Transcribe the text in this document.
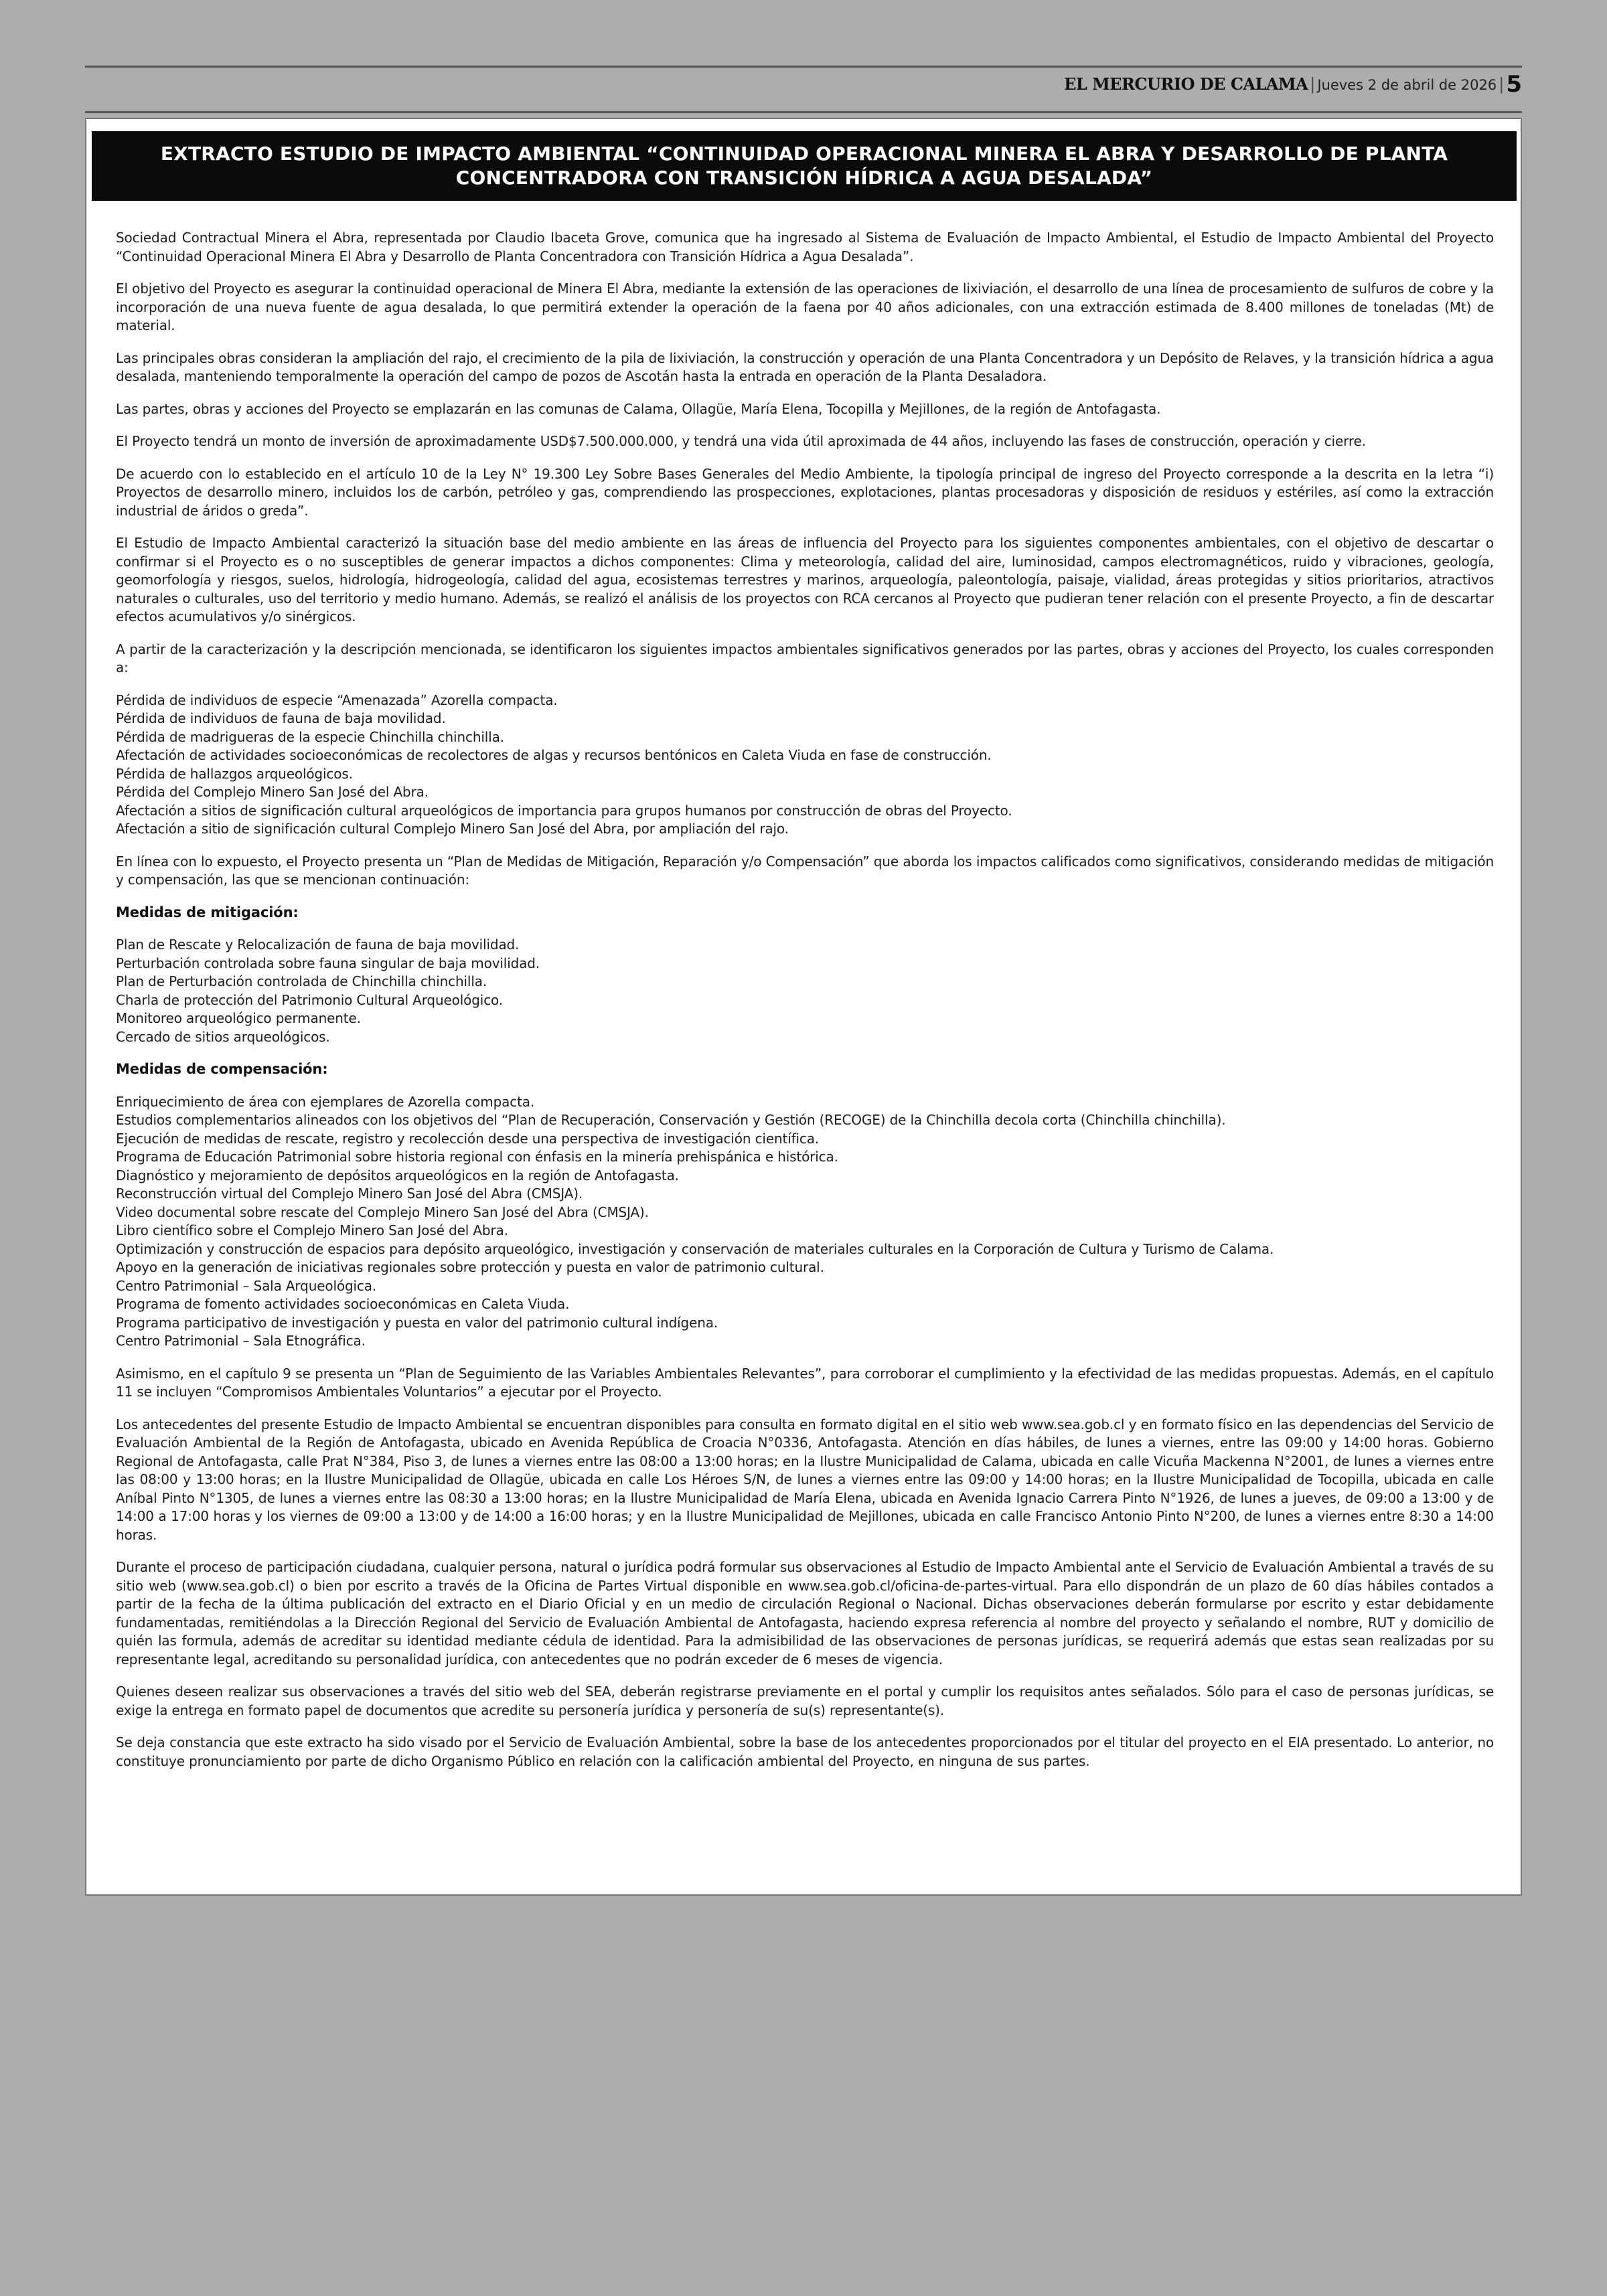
EL MERCURIO DE CALAMA | Jueves 2 de abril de 2026 |5
EXTRACTO ESTUDIO DE IMPACTO AMBIENTAL “CONTINUIDAD OPERACIONAL MINERA EL ABRA Y DESARROLLO DE PLANTA CONCENTRADORA CON TRANSICIÓN HÍDRICA A AGUA DESALADA”

Sociedad Contractual Minera el Abra, representada por Claudio Ibaceta Grove, comunica que ha ingresado al Sistema de Evaluación de Impacto Ambiental, el Estudio de Impacto Ambiental del Proyecto “Continuidad Operacional Minera El Abra y Desarrollo de Planta Concentradora con Transición Hídrica a Agua Desalada”.

El objetivo del Proyecto es asegurar la continuidad operacional de Minera El Abra, mediante la extensión de las operaciones de lixiviación, el desarrollo de una línea de procesamiento de sulfuros de cobre y la incorporación de una nueva fuente de agua desalada, lo que permitirá extender la operación de la faena por 40 años adicionales, con una extracción estimada de 8.400 millones de toneladas (Mt) de material.

Las principales obras consideran la ampliación del rajo, el crecimiento de la pila de lixiviación, la construcción y operación de una Planta Concentradora y un Depósito de Relaves, y la transición hídrica a agua desalada, manteniendo temporalmente la operación del campo de pozos de Ascotán hasta la entrada en operación de la Planta Desaladora.

Las partes, obras y acciones del Proyecto se emplazarán en las comunas de Calama, Ollagüe, María Elena, Tocopilla y Mejillones, de la región de Antofagasta.

El Proyecto tendrá un monto de inversión de aproximadamente USD$7.500.000.000, y tendrá una vida útil aproximada de 44 años, incluyendo las fases de construcción, operación y cierre.

De acuerdo con lo establecido en el artículo 10 de la Ley N° 19.300 Ley Sobre Bases Generales del Medio Ambiente, la tipología principal de ingreso del Proyecto corresponde a la descrita en la letra “i) Proyectos de desarrollo minero, incluidos los de carbón, petróleo y gas, comprendiendo las prospecciones, explotaciones, plantas procesadoras y disposición de residuos y estériles, así como la extracción industrial de áridos o greda”.

El Estudio de Impacto Ambiental caracterizó la situación base del medio ambiente en las áreas de influencia del Proyecto para los siguientes componentes ambientales, con el objetivo de descartar o confirmar si el Proyecto es o no susceptibles de generar impactos a dichos componentes: Clima y meteorología, calidad del aire, luminosidad, campos electromagnéticos, ruido y vibraciones, geología, geomorfología y riesgos, suelos, hidrología, hidrogeología, calidad del agua, ecosistemas terrestres y marinos, arqueología, paleontología, paisaje, vialidad, áreas protegidas y sitios prioritarios, atractivos naturales o culturales, uso del territorio y medio humano. Además, se realizó el análisis de los proyectos con RCA cercanos al Proyecto que pudieran tener relación con el presente Proyecto, a fin de descartar efectos acumulativos y/o sinérgicos.

A partir de la caracterización y la descripción mencionada, se identificaron los siguientes impactos ambientales significativos generados por las partes, obras y acciones del Proyecto, los cuales corresponden a:

Pérdida de individuos de especie “Amenazada” Azorella compacta.
Pérdida de individuos de fauna de baja movilidad.
Pérdida de madrigueras de la especie Chinchilla chinchilla.
Afectación de actividades socioeconómicas de recolectores de algas y recursos bentónicos en Caleta Viuda en fase de construcción.
Pérdida de hallazgos arqueológicos.
Pérdida del Complejo Minero San José del Abra.
Afectación a sitios de significación cultural arqueológicos de importancia para grupos humanos por construcción de obras del Proyecto.
Afectación a sitio de significación cultural Complejo Minero San José del Abra, por ampliación del rajo.

En línea con lo expuesto, el Proyecto presenta un “Plan de Medidas de Mitigación, Reparación y/o Compensación” que aborda los impactos calificados como significativos, considerando medidas de mitigación y compensación, las que se mencionan continuación:

Medidas de mitigación:
Plan de Rescate y Relocalización de fauna de baja movilidad.
Perturbación controlada sobre fauna singular de baja movilidad.
Plan de Perturbación controlada de Chinchilla chinchilla.
Charla de protección del Patrimonio Cultural Arqueológico.
Monitoreo arqueológico permanente.
Cercado de sitios arqueológicos.
Medidas de compensación:
Enriquecimiento de área con ejemplares de Azorella compacta.
Estudios complementarios alineados con los objetivos del “Plan de Recuperación, Conservación y Gestión (RECOGE) de la Chinchilla decola corta (Chinchilla chinchilla).
Ejecución de medidas de rescate, registro y recolección desde una perspectiva de investigación científica.
Programa de Educación Patrimonial sobre historia regional con énfasis en la minería prehispánica e histórica.
Diagnóstico y mejoramiento de depósitos arqueológicos en la región de Antofagasta.
Reconstrucción virtual del Complejo Minero San José del Abra (CMSJA).
Video documental sobre rescate del Complejo Minero San José del Abra (CMSJA).
Libro científico sobre el Complejo Minero San José del Abra.
Optimización y construcción de espacios para depósito arqueológico, investigación y conservación de materiales culturales en la Corporación de Cultura y Turismo de Calama.
Apoyo en la generación de iniciativas regionales sobre protección y puesta en valor de patrimonio cultural.
Centro Patrimonial – Sala Arqueológica.
Programa de fomento actividades socioeconómicas en Caleta Viuda.
Programa participativo de investigación y puesta en valor del patrimonio cultural indígena.
Centro Patrimonial – Sala Etnográfica.

Asimismo, en el capítulo 9 se presenta un “Plan de Seguimiento de las Variables Ambientales Relevantes”, para corroborar el cumplimiento y la efectividad de las medidas propuestas. Además, en el capítulo 11 se incluyen “Compromisos Ambientales Voluntarios” a ejecutar por el Proyecto.

Los antecedentes del presente Estudio de Impacto Ambiental se encuentran disponibles para consulta en formato digital en el sitio web www.sea.gob.cl y en formato físico en las dependencias del Servicio de Evaluación Ambiental de la Región de Antofagasta, ubicado en Avenida República de Croacia N°0336, Antofagasta. Atención en días hábiles, de lunes a viernes, entre las 09:00 y 14:00 horas. Gobierno Regional de Antofagasta, calle Prat N°384, Piso 3, de lunes a viernes entre las 08:00 a 13:00 horas; en la Ilustre Municipalidad de Calama, ubicada en calle Vicuña Mackenna N°2001, de lunes a viernes entre las 08:00 y 13:00 horas; en la Ilustre Municipalidad de Ollagüe, ubicada en calle Los Héroes S/N, de lunes a viernes entre las 09:00 y 14:00 horas; en la Ilustre Municipalidad de Tocopilla, ubicada en calle Aníbal Pinto N°1305, de lunes a viernes entre las 08:30 a 13:00 horas; en la Ilustre Municipalidad de María Elena, ubicada en Avenida Ignacio Carrera Pinto N°1926, de lunes a jueves, de 09:00 a 13:00 y de 14:00 a 17:00 horas y los viernes de 09:00 a 13:00 y de 14:00 a 16:00 horas; y en la Ilustre Municipalidad de Mejillones, ubicada en calle Francisco Antonio Pinto N°200, de lunes a viernes entre 8:30 a 14:00 horas.

Durante el proceso de participación ciudadana, cualquier persona, natural o jurídica podrá formular sus observaciones al Estudio de Impacto Ambiental ante el Servicio de Evaluación Ambiental a través de su sitio web (www.sea.gob.cl) o bien por escrito a través de la Oficina de Partes Virtual disponible en www.sea.gob.cl/oficina-de-partes-virtual. Para ello dispondrán de un plazo de 60 días hábiles contados a partir de la fecha de la última publicación del extracto en el Diario Oficial y en un medio de circulación Regional o Nacional. Dichas observaciones deberán formularse por escrito y estar debidamente fundamentadas, remitiéndolas a la Dirección Regional del Servicio de Evaluación Ambiental de Antofagasta, haciendo expresa referencia al nombre del proyecto y señalando el nombre, RUT y domicilio de quién las formula, además de acreditar su identidad mediante cédula de identidad. Para la admisibilidad de las observaciones de personas jurídicas, se requerirá además que estas sean realizadas por su representante legal, acreditando su personalidad jurídica, con antecedentes que no podrán exceder de 6 meses de vigencia.

Quienes deseen realizar sus observaciones a través del sitio web del SEA, deberán registrarse previamente en el portal y cumplir los requisitos antes señalados. Sólo para el caso de personas jurídicas, se exige la entrega en formato papel de documentos que acredite su personería jurídica y personería de su(s) representante(s).

Se deja constancia que este extracto ha sido visado por el Servicio de Evaluación Ambiental, sobre la base de los antecedentes proporcionados por el titular del proyecto en el EIA presentado. Lo anterior, no constituye pronunciamiento por parte de dicho Organismo Público en relación con la calificación ambiental del Proyecto, en ninguna de sus partes.
